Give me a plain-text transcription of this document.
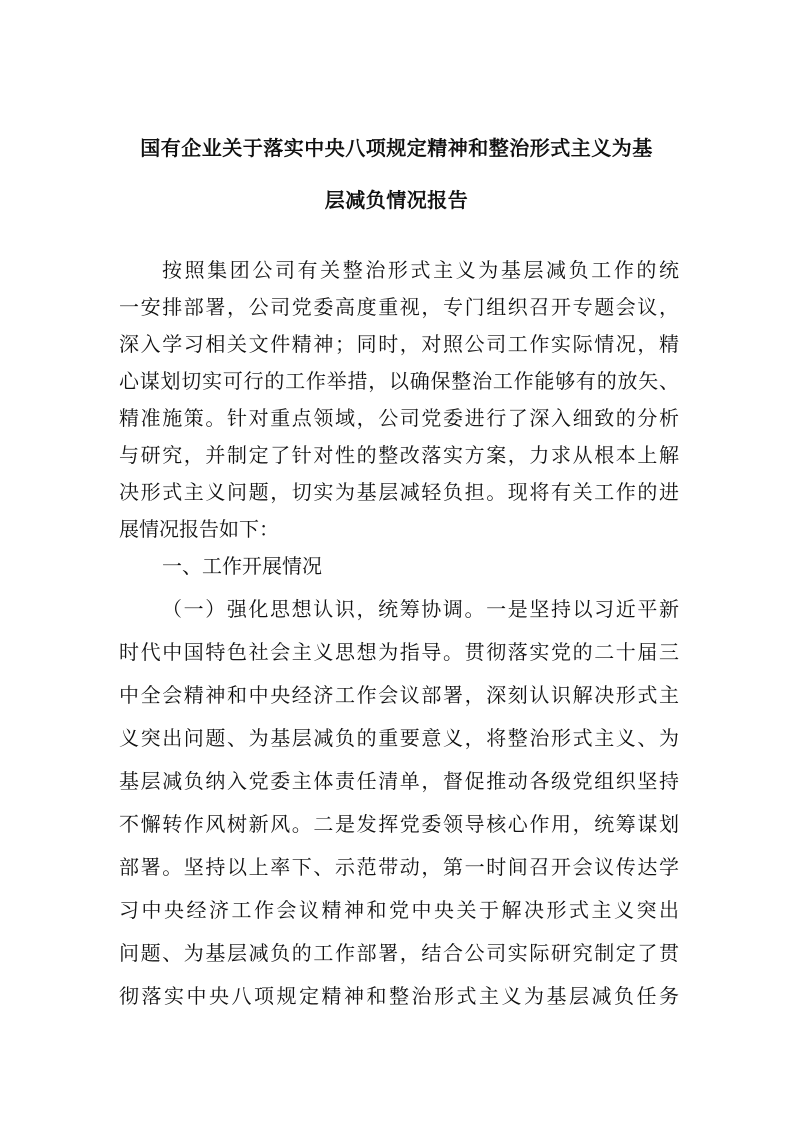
国有企业关于落实中央八项规定精神和整治形式主义为基
层减负情况报告
按照集团公司有关整治形式主义为基层减负工作的统
一安排部署，公司党委高度重视，专门组织召开专题会议，
深入学习相关文件精神；同时，对照公司工作实际情况，精
心谋划切实可行的工作举措，以确保整治工作能够有的放矢、
精准施策。针对重点领域，公司党委进行了深入细致的分析
与研究，并制定了针对性的整改落实方案，力求从根本上解
决形式主义问题，切实为基层减轻负担。现将有关工作的进
展情况报告如下：
一、工作开展情况
（一）强化思想认识，统筹协调。一是坚持以习近平新
时代中国特色社会主义思想为指导。贯彻落实党的二十届三
中全会精神和中央经济工作会议部署，深刻认识解决形式主
义突出问题、为基层减负的重要意义，将整治形式主义、为
基层减负纳入党委主体责任清单，督促推动各级党组织坚持
不懈转作风树新风。二是发挥党委领导核心作用，统筹谋划
部署。坚持以上率下、示范带动，第一时间召开会议传达学
习中央经济工作会议精神和党中央关于解决形式主义突出
问题、为基层减负的工作部署，结合公司实际研究制定了贯
彻落实中央八项规定精神和整治形式主义为基层减负任务
